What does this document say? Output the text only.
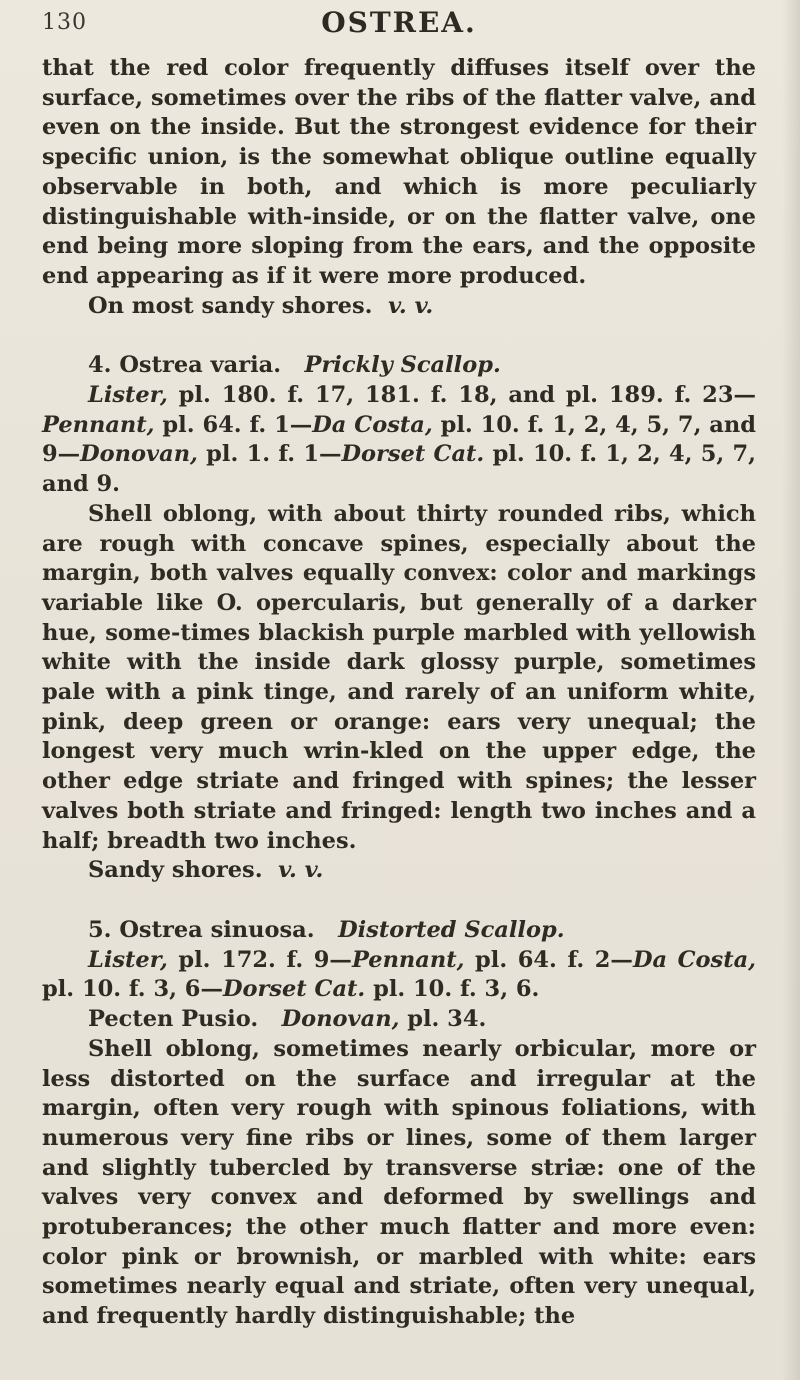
130	OSTREA.

that the red color frequently diffuses itself over the surface, sometimes over the ribs of the flatter valve, and even on the inside. But the strongest evidence for their specific union, is the somewhat oblique outline equally observable in both, and which is more peculiarly distinguishable with-inside, or on the flatter valve, one end being more sloping from the ears, and the opposite end appearing as if it were more produced.

On most sandy shores. v. v.

4. Ostrea varia. Prickly Scallop.

Lister, pl. 180. f. 17, 181. f. 18, and pl. 189. f. 23—Pennant, pl. 64. f. 1—Da Costa, pl. 10. f. 1, 2, 4, 5, 7, and 9—Donovan, pl. 1. f. 1—Dorset Cat. pl. 10. f. 1, 2, 4, 5, 7, and 9.

Shell oblong, with about thirty rounded ribs, which are rough with concave spines, especially about the margin, both valves equally convex: color and markings variable like O. opercularis, but generally of a darker hue, some-times blackish purple marbled with yellowish white with the inside dark glossy purple, sometimes pale with a pink tinge, and rarely of an uniform white, pink, deep green or orange: ears very unequal; the longest very much wrin-kled on the upper edge, the other edge striate and fringed with spines; the lesser valves both striate and fringed: length two inches and a half; breadth two inches.

Sandy shores. v. v.

5. Ostrea sinuosa. Distorted Scallop.

Lister, pl. 172. f. 9—Pennant, pl. 64. f. 2—Da Costa, pl. 10. f. 3, 6—Dorset Cat. pl. 10. f. 3, 6.

Pecten Pusio. Donovan, pl. 34.

Shell oblong, sometimes nearly orbicular, more or less distorted on the surface and irregular at the margin, often very rough with spinous foliations, with numerous very fine ribs or lines, some of them larger and slightly tubercled by transverse striæ: one of the valves very convex and deformed by swellings and protuberances; the other much flatter and more even: color pink or brownish, or marbled with white: ears sometimes nearly equal and striate, often very unequal, and frequently hardly distinguishable; the
